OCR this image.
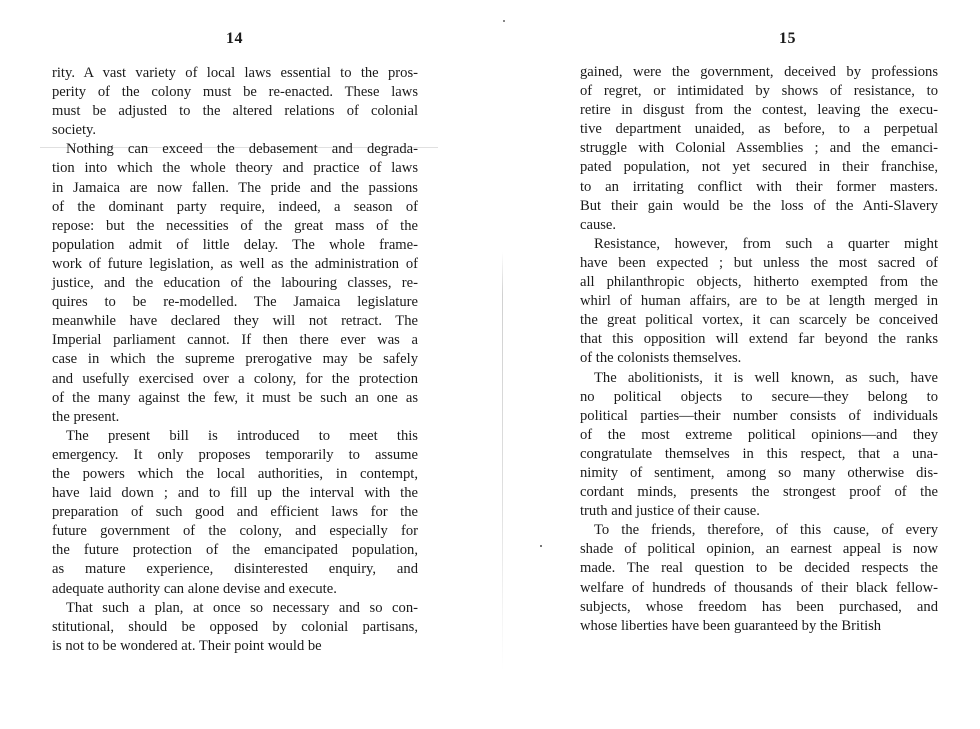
14
rity. A vast variety of local laws essential to the pros-
perity of the colony must be re-enacted. These laws
must be adjusted to the altered relations of colonial
society.
Nothing can exceed the debasement and degrada-
tion into which the whole theory and practice of laws
in Jamaica are now fallen. The pride and the passions
of the dominant party require, indeed, a season of
repose: but the necessities of the great mass of the
population admit of little delay. The whole frame-
work of future legislation, as well as the administration of
justice, and the education of the labouring classes, re-
quires to be re-modelled. The Jamaica legislature
meanwhile have declared they will not retract. The
Imperial parliament cannot. If then there ever was a
case in which the supreme prerogative may be safely
and usefully exercised over a colony, for the protection
of the many against the few, it must be such an one as
the present.
The present bill is introduced to meet this
emergency. It only proposes temporarily to assume
the powers which the local authorities, in contempt,
have laid down ; and to fill up the interval with the
preparation of such good and efficient laws for the
future government of the colony, and especially for
the future protection of the emancipated population,
as mature experience, disinterested enquiry, and
adequate authority can alone devise and execute.
That such a plan, at once so necessary and so con-
stitutional, should be opposed by colonial partisans,
is not to be wondered at. Their point would be
15
gained, were the government, deceived by professions
of regret, or intimidated by shows of resistance, to
retire in disgust from the contest, leaving the execu-
tive department unaided, as before, to a perpetual
struggle with Colonial Assemblies ; and the emanci-
pated population, not yet secured in their franchise,
to an irritating conflict with their former masters.
But their gain would be the loss of the Anti-Slavery
cause.
Resistance, however, from such a quarter might
have been expected ; but unless the most sacred of
all philanthropic objects, hitherto exempted from the
whirl of human affairs, are to be at length merged in
the great political vortex, it can scarcely be conceived
that this opposition will extend far beyond the ranks
of the colonists themselves.
The abolitionists, it is well known, as such, have
no political objects to secure—they belong to
political parties—their number consists of individuals
of the most extreme political opinions—and they
congratulate themselves in this respect, that a una-
nimity of sentiment, among so many otherwise dis-
cordant minds, presents the strongest proof of the
truth and justice of their cause.
To the friends, therefore, of this cause, of every
shade of political opinion, an earnest appeal is now
made. The real question to be decided respects the
welfare of hundreds of thousands of their black fellow-
subjects, whose freedom has been purchased, and
whose liberties have been guaranteed by the British
